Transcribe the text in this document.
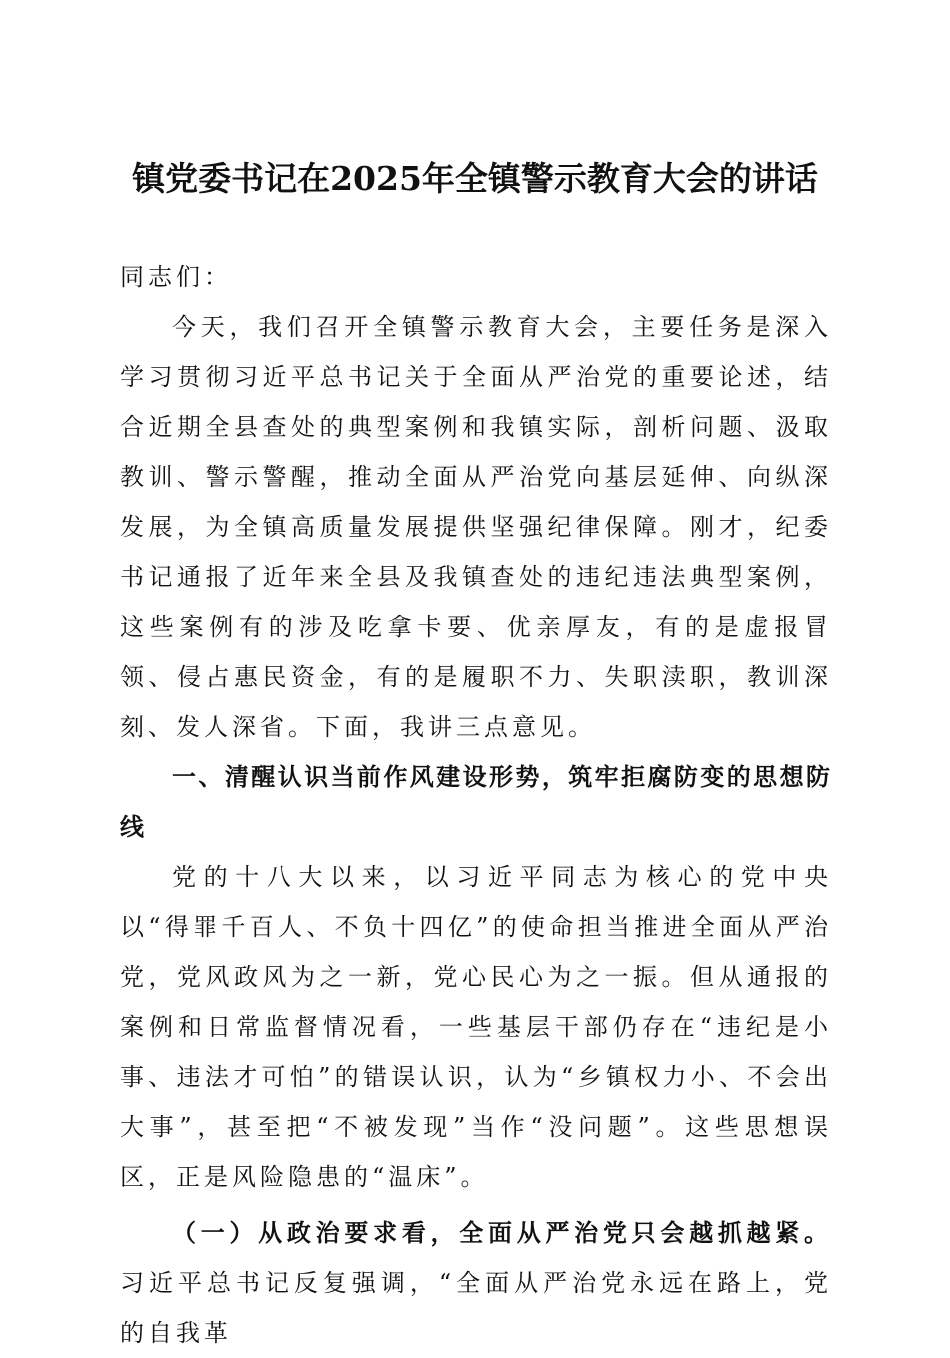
镇党委书记在2025年全镇警示教育大会的讲话

同志们：

今天，我们召开全镇警示教育大会，主要任务是深入学习贯彻习近平总书记关于全面从严治党的重要论述，结合近期全县查处的典型案例和我镇实际，剖析问题、汲取教训、警示警醒，推动全面从严治党向基层延伸、向纵深发展，为全镇高质量发展提供坚强纪律保障。刚才，纪委书记通报了近年来全县及我镇查处的违纪违法典型案例，这些案例有的涉及吃拿卡要、优亲厚友，有的是虚报冒领、侵占惠民资金，有的是履职不力、失职渎职，教训深刻、发人深省。下面，我讲三点意见。

一、清醒认识当前作风建设形势，筑牢拒腐防变的思想防线

党的十八大以来，以习近平同志为核心的党中央以“得罪千百人、不负十四亿”的使命担当推进全面从严治党，党风政风为之一新，党心民心为之一振。但从通报的案例和日常监督情况看，一些基层干部仍存在“违纪是小事、违法才可怕”的错误认识，认为“乡镇权力小、不会出大事”，甚至把“不被发现”当作“没问题”。这些思想误区，正是风险隐患的“温床”。

（一）从政治要求看，全面从严治党只会越抓越紧。习近平总书记反复强调，“全面从严治党永远在路上，党的自我革
